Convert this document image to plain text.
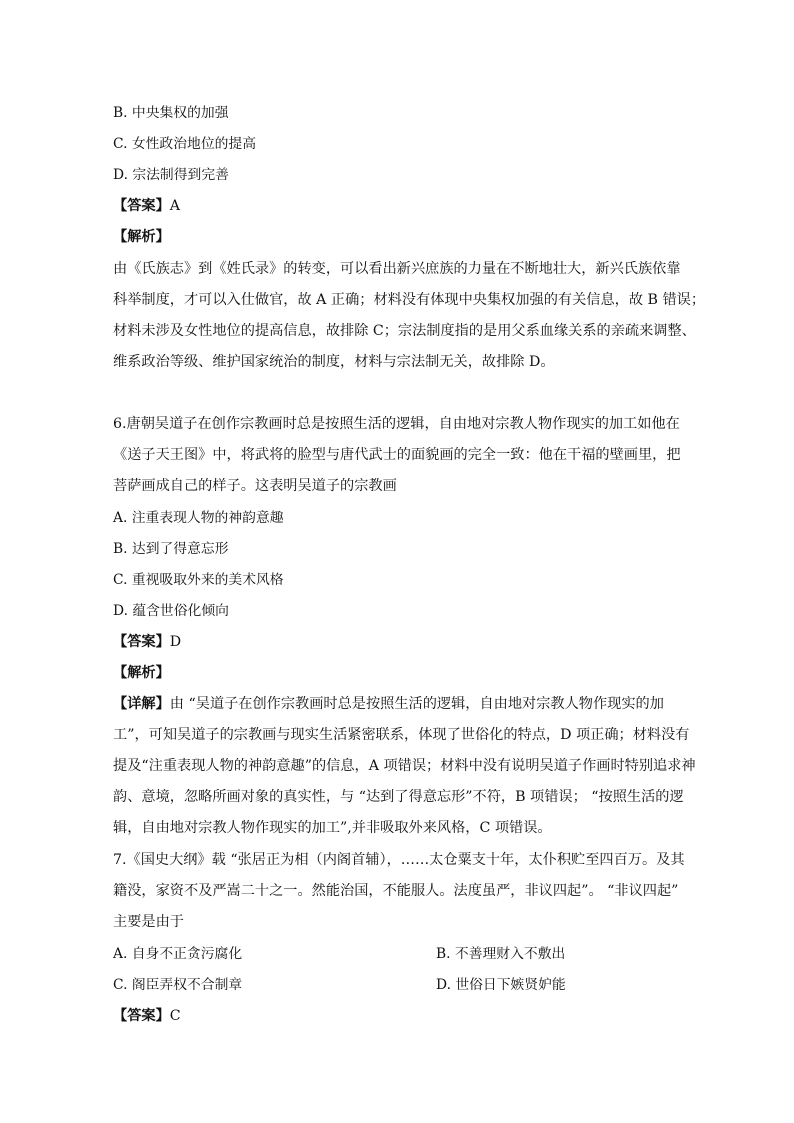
B. 中央集权的加强

C. 女性政治地位的提高

D. 宗法制得到完善

【答案】A

【解析】

由《氏族志》到《姓氏录》的转变，可以看出新兴庶族的力量在不断地壮大，新兴氏族依靠

科举制度，才可以入仕做官，故 A 正确；材料没有体现中央集权加强的有关信息，故 B 错误；

材料未涉及女性地位的提高信息，故排除 C；宗法制度指的是用父系血缘关系的亲疏来调整、

维系政治等级、维护国家统治的制度，材料与宗法制无关，故排除 D。

6.唐朝吴道子在创作宗教画时总是按照生活的逻辑，自由地对宗教人物作现实的加工如他在

《送子天王图》中，将武将的脸型与唐代武士的面貌画的完全一致：他在干福的壁画里，把

菩萨画成自己的样子。这表明吴道子的宗教画

A. 注重表现人物的神韵意趣

B. 达到了得意忘形

C. 重视吸取外来的美术风格

D. 蕴含世俗化倾向

【答案】D

【解析】

【详解】由 “吴道子在创作宗教画时总是按照生活的逻辑，自由地对宗教人物作现实的加

工”，可知吴道子的宗教画与现实生活紧密联系，体现了世俗化的特点，D 项正确；材料没有

提及“注重表现人物的神韵意趣”的信息，A 项错误；材料中没有说明吴道子作画时特别追求神

韵、意境，忽略所画对象的真实性，与 “达到了得意忘形”不符，B 项错误； “按照生活的逻

辑，自由地对宗教人物作现实的加工”,并非吸取外来风格，C 项错误。

7.《国史大纲》载 “张居正为相（内阁首辅），……太仓粟支十年，太仆积贮至四百万。及其

籍没，家资不及严嵩二十之一。然能治国，不能服人。法度虽严，非议四起”。 “非议四起”

主要是由于

A. 自身不正贪污腐化	B. 不善理财入不敷出

C. 阁臣弄权不合制章	D. 世俗日下嫉贤妒能

【答案】C
